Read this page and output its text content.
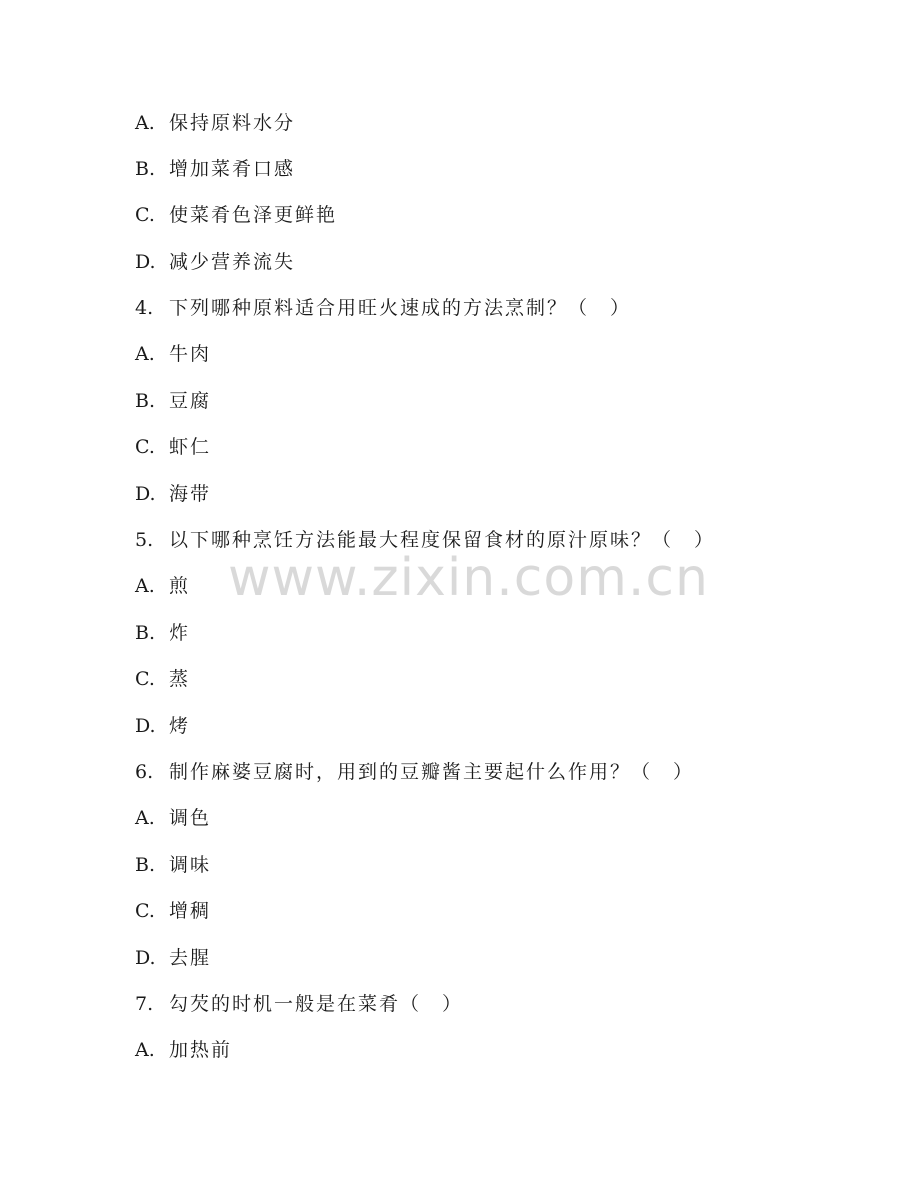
A. 保持原料水分
B. 增加菜肴口感
C. 使菜肴色泽更鲜艳
D. 减少营养流失
4. 下列哪种原料适合用旺火速成的方法烹制？（　）
A. 牛肉
B. 豆腐
C. 虾仁
D. 海带
5. 以下哪种烹饪方法能最大程度保留食材的原汁原味？（　）
A. 煎
B. 炸
C. 蒸
D. 烤
6. 制作麻婆豆腐时，用到的豆瓣酱主要起什么作用？（　）
A. 调色
B. 调味
C. 增稠
D. 去腥
7. 勾芡的时机一般是在菜肴（　）
A. 加热前
www.zixin.com.cn
